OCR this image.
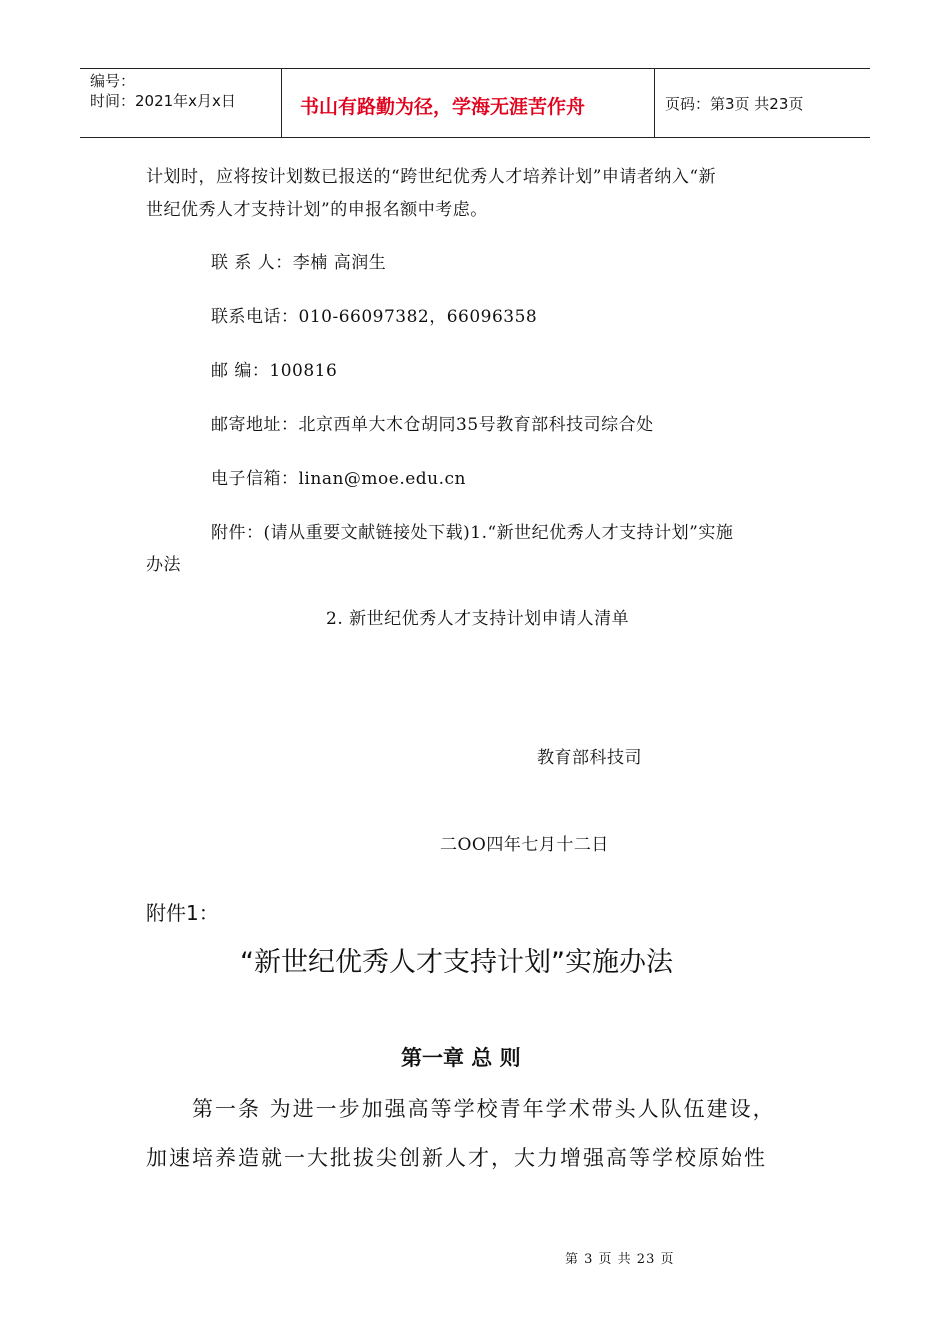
编号：
时间：2021年x月x日	书山有路勤为径，学海无涯苦作舟	页码：第3页 共23页
计划时，应将按计划数已报送的“跨世纪优秀人才培养计划”申请者纳入“新
世纪优秀人才支持计划”的申报名额中考虑。
联 系 人：李楠 高润生
联系电话：010-66097382，66096358
邮 编：100816
邮寄地址：北京西单大木仓胡同35号教育部科技司综合处
电子信箱：linan@moe.edu.cn
附件：(请从重要文献链接处下载)1.“新世纪优秀人才支持计划”实施
办法
2. 新世纪优秀人才支持计划申请人清单
教育部科技司
二OO四年七月十二日
附件1：
“新世纪优秀人才支持计划”实施办法
第一章 总 则
第一条 为进一步加强高等学校青年学术带头人队伍建设，
加速培养造就一大批拔尖创新人才，大力增强高等学校原始性
第 3 页 共 23 页
